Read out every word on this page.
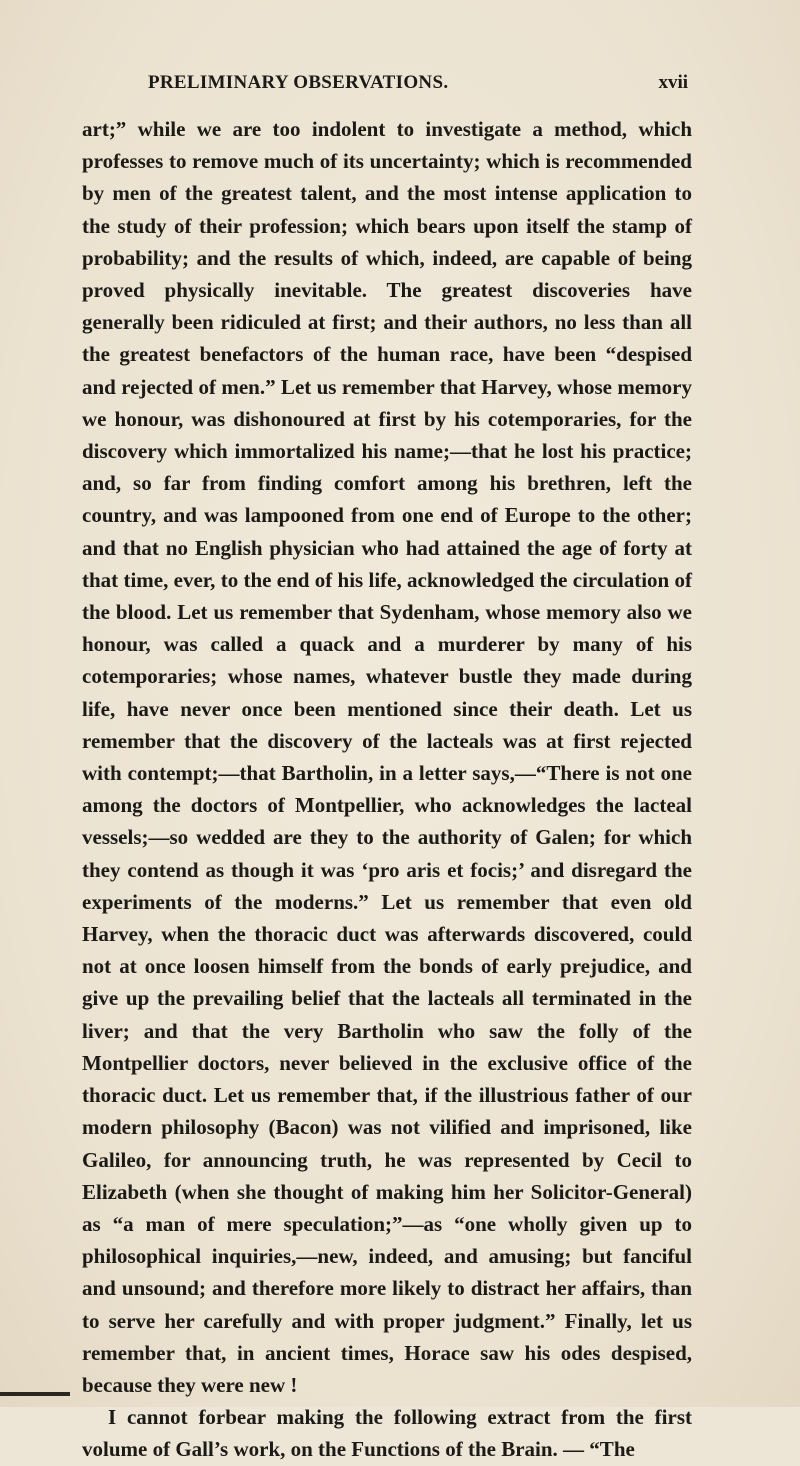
PRELIMINARY OBSERVATIONS.	xvii

art;” while we are too indolent to investigate a method, which professes to remove much of its uncertainty; which is recommended by men of the greatest talent, and the most intense application to the study of their profession; which bears upon itself the stamp of probability; and the results of which, indeed, are capable of being proved physically inevitable. The greatest discoveries have generally been ridiculed at first; and their authors, no less than all the greatest benefactors of the human race, have been “despised and rejected of men.” Let us remember that Harvey, whose memory we honour, was dishonoured at first by his cotemporaries, for the discovery which immortalized his name;—that he lost his practice; and, so far from finding comfort among his brethren, left the country, and was lampooned from one end of Europe to the other; and that no English physician who had attained the age of forty at that time, ever, to the end of his life, acknowledged the circulation of the blood. Let us remember that Sydenham, whose memory also we honour, was called a quack and a murderer by many of his cotemporaries; whose names, whatever bustle they made during life, have never once been mentioned since their death. Let us remember that the discovery of the lacteals was at first rejected with contempt;—that Bartholin, in a letter says,—“There is not one among the doctors of Montpellier, who acknowledges the lacteal vessels;—so wedded are they to the authority of Galen; for which they contend as though it was ‘pro aris et focis;’ and disregard the experiments of the moderns.” Let us remember that even old Harvey, when the thoracic duct was afterwards discovered, could not at once loosen himself from the bonds of early prejudice, and give up the prevailing belief that the lacteals all terminated in the liver; and that the very Bartholin who saw the folly of the Montpellier doctors, never believed in the exclusive office of the thoracic duct. Let us remember that, if the illustrious father of our modern philosophy (Bacon) was not vilified and imprisoned, like Galileo, for announcing truth, he was represented by Cecil to Elizabeth (when she thought of making him her Solicitor-General) as “a man of mere speculation;”—as “one wholly given up to philosophical inquiries,—new, indeed, and amusing; but fanciful and unsound; and therefore more likely to distract her affairs, than to serve her carefully and with proper judgment.” Finally, let us remember that, in ancient times, Horace saw his odes despised, because they were new !

I cannot forbear making the following extract from the first volume of Gall’s work, on the Functions of the Brain. — “The
